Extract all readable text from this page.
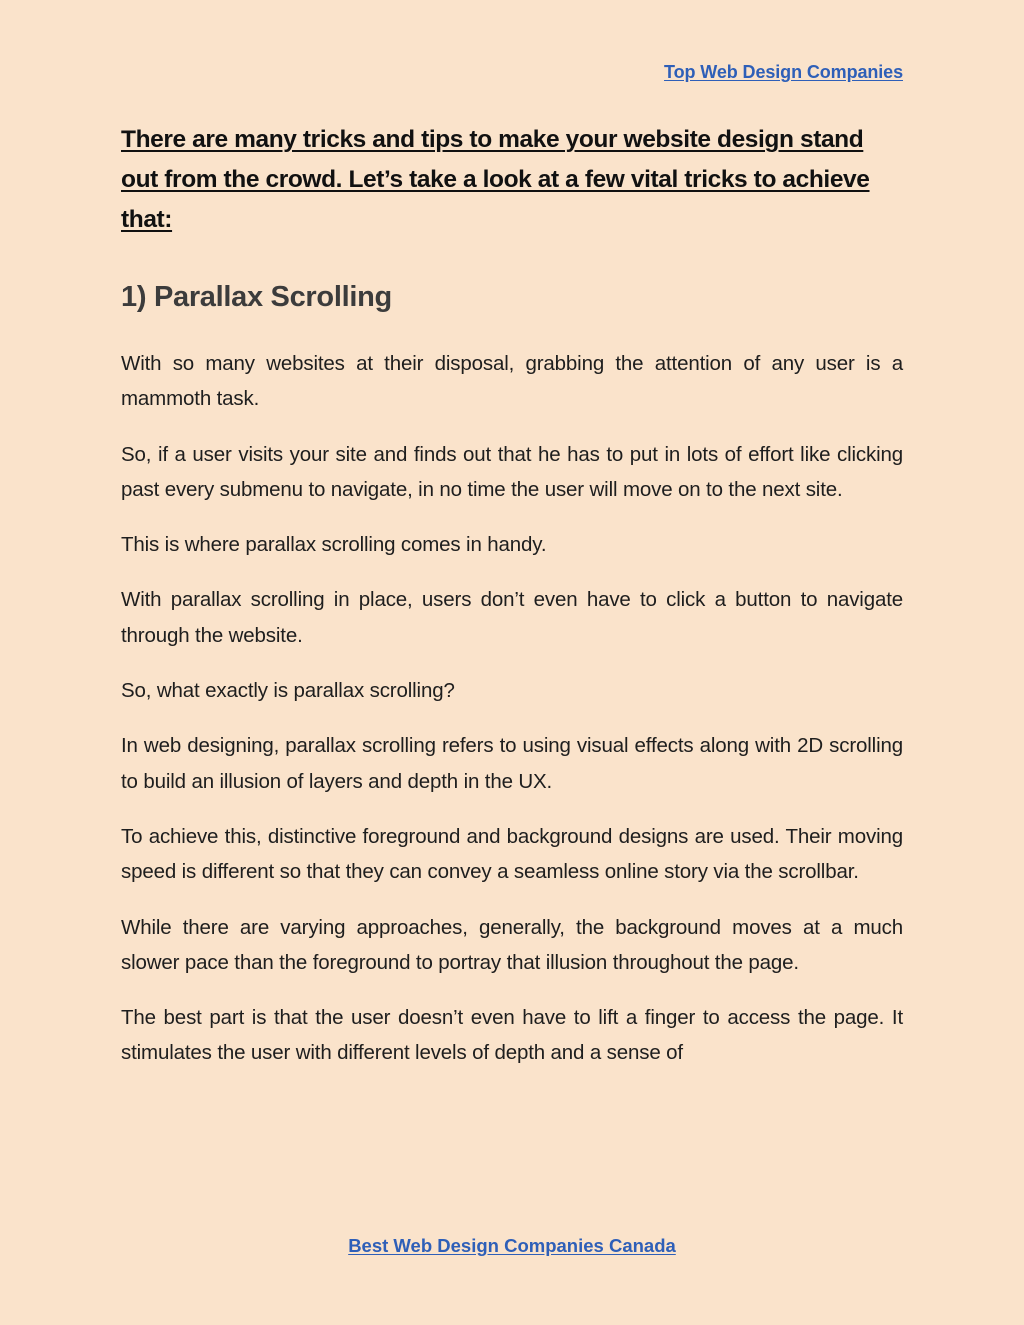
Top Web Design Companies
There are many tricks and tips to make your website design stand out from the crowd. Let’s take a look at a few vital tricks to achieve that:
1) Parallax Scrolling

With so many websites at their disposal, grabbing the attention of any user is a mammoth task.

So, if a user visits your site and finds out that he has to put in lots of effort like clicking past every submenu to navigate, in no time the user will move on to the next site.

This is where parallax scrolling comes in handy.

With parallax scrolling in place, users don’t even have to click a button to navigate through the website.

So, what exactly is parallax scrolling?

In web designing, parallax scrolling refers to using visual effects along with 2D scrolling to build an illusion of layers and depth in the UX.

To achieve this, distinctive foreground and background designs are used. Their moving speed is different so that they can convey a seamless online story via the scrollbar.

While there are varying approaches, generally, the background moves at a much slower pace than the foreground to portray that illusion throughout the page.

The best part is that the user doesn’t even have to lift a finger to access the page. It stimulates the user with different levels of depth and a sense of

Best Web Design Companies Canada
